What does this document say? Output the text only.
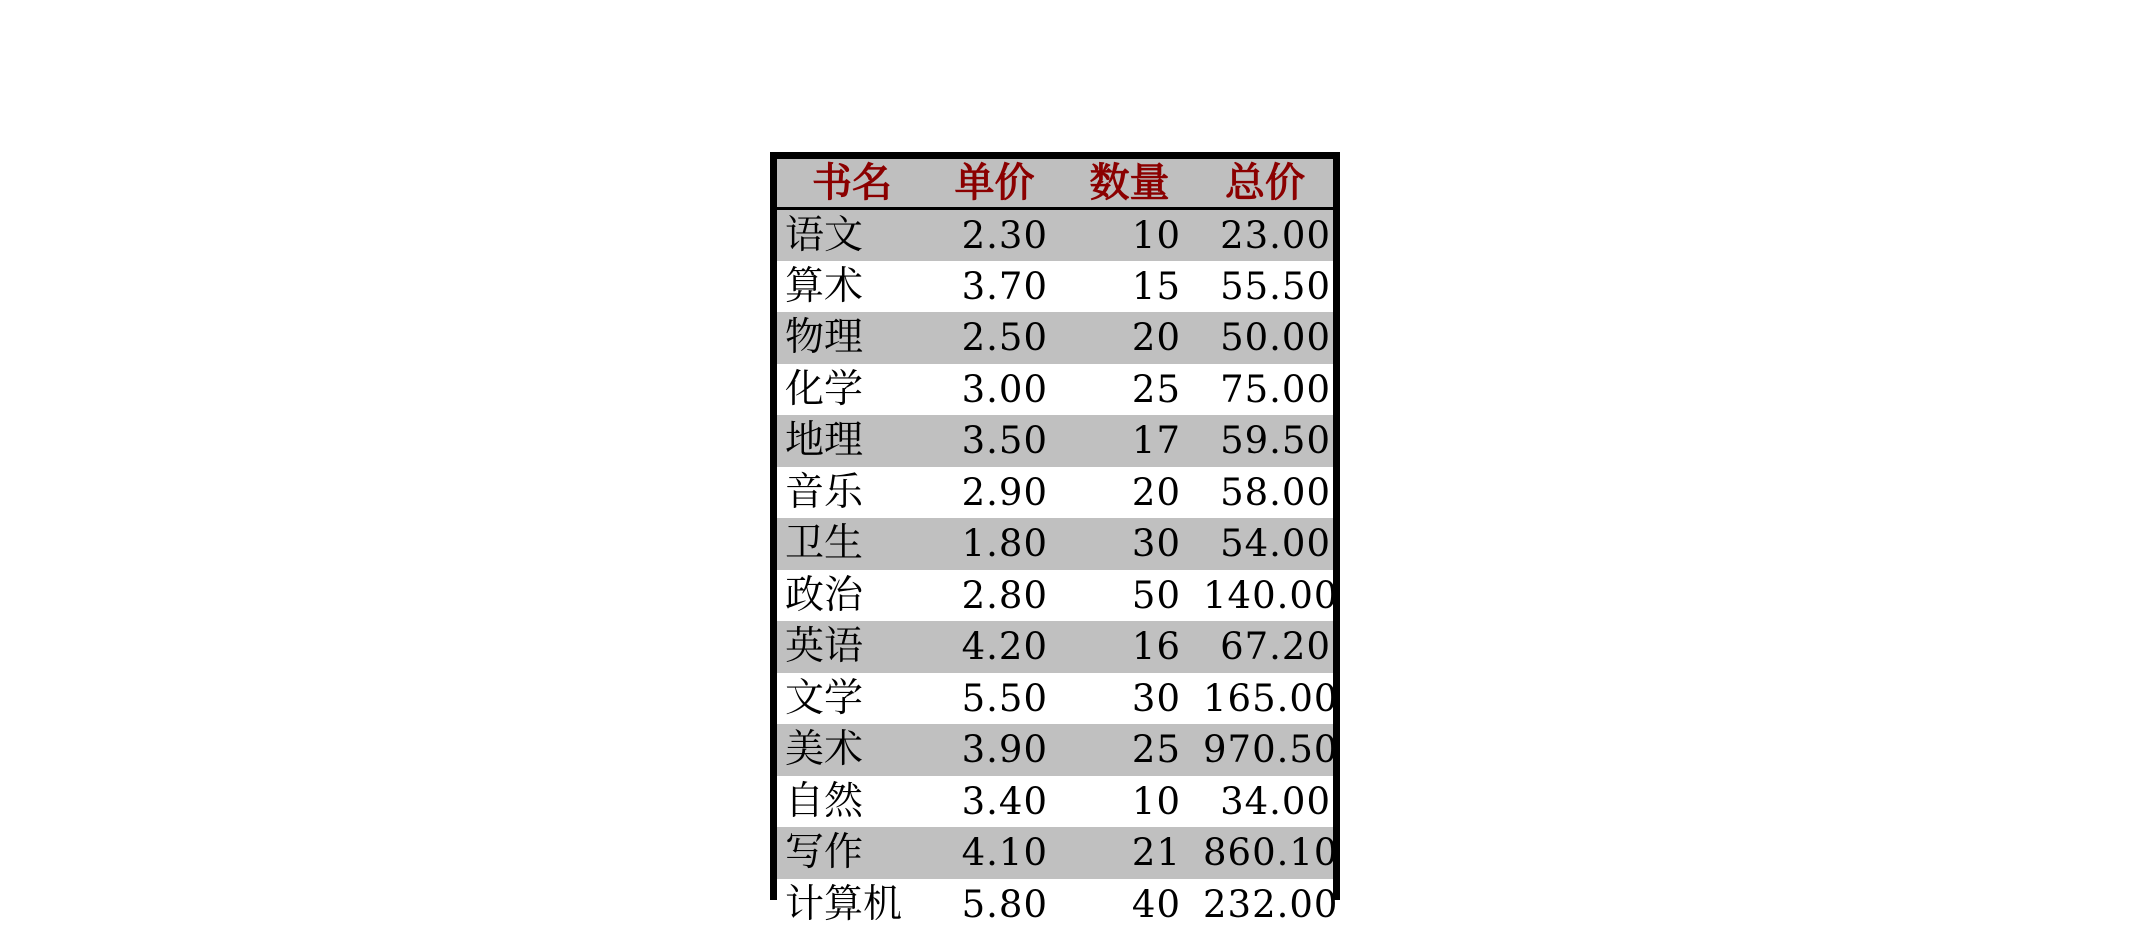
书名	单价	数量	总价
语文	2.30	10	23.00
算术	3.70	15	55.50
物理	2.50	20	50.00
化学	3.00	25	75.00
地理	3.50	17	59.50
音乐	2.90	20	58.00
卫生	1.80	30	54.00
政治	2.80	50	140.00
英语	4.20	16	67.20
文学	5.50	30	165.00
美术	3.90	25	970.50
自然	3.40	10	34.00
写作	4.10	21	860.10
计算机	5.80	40	232.00
